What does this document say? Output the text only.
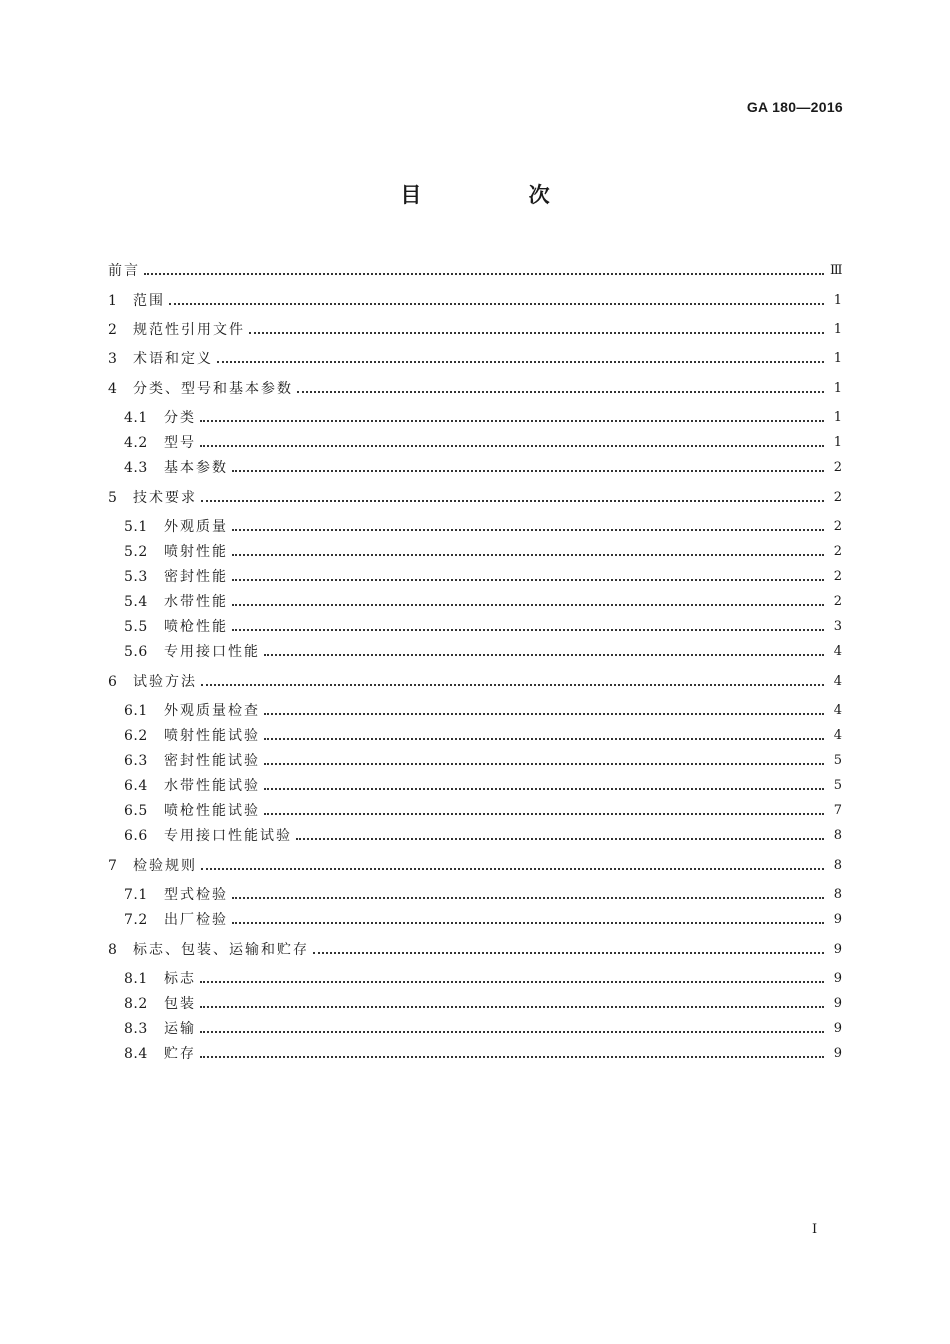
GA 180—2016
目 次
前言	Ⅲ
1	范围	1
2	规范性引用文件	1
3	术语和定义	1
4	分类、型号和基本参数	1
4.1	分类	1
4.2	型号	1
4.3	基本参数	2
5	技术要求	2
5.1	外观质量	2
5.2	喷射性能	2
5.3	密封性能	2
5.4	水带性能	2
5.5	喷枪性能	3
5.6	专用接口性能	4
6	试验方法	4
6.1	外观质量检查	4
6.2	喷射性能试验	4
6.3	密封性能试验	5
6.4	水带性能试验	5
6.5	喷枪性能试验	7
6.6	专用接口性能试验	8
7	检验规则	8
7.1	型式检验	8
7.2	出厂检验	9
8	标志、包装、运输和贮存	9
8.1	标志	9
8.2	包装	9
8.3	运输	9
8.4	贮存	9
I
